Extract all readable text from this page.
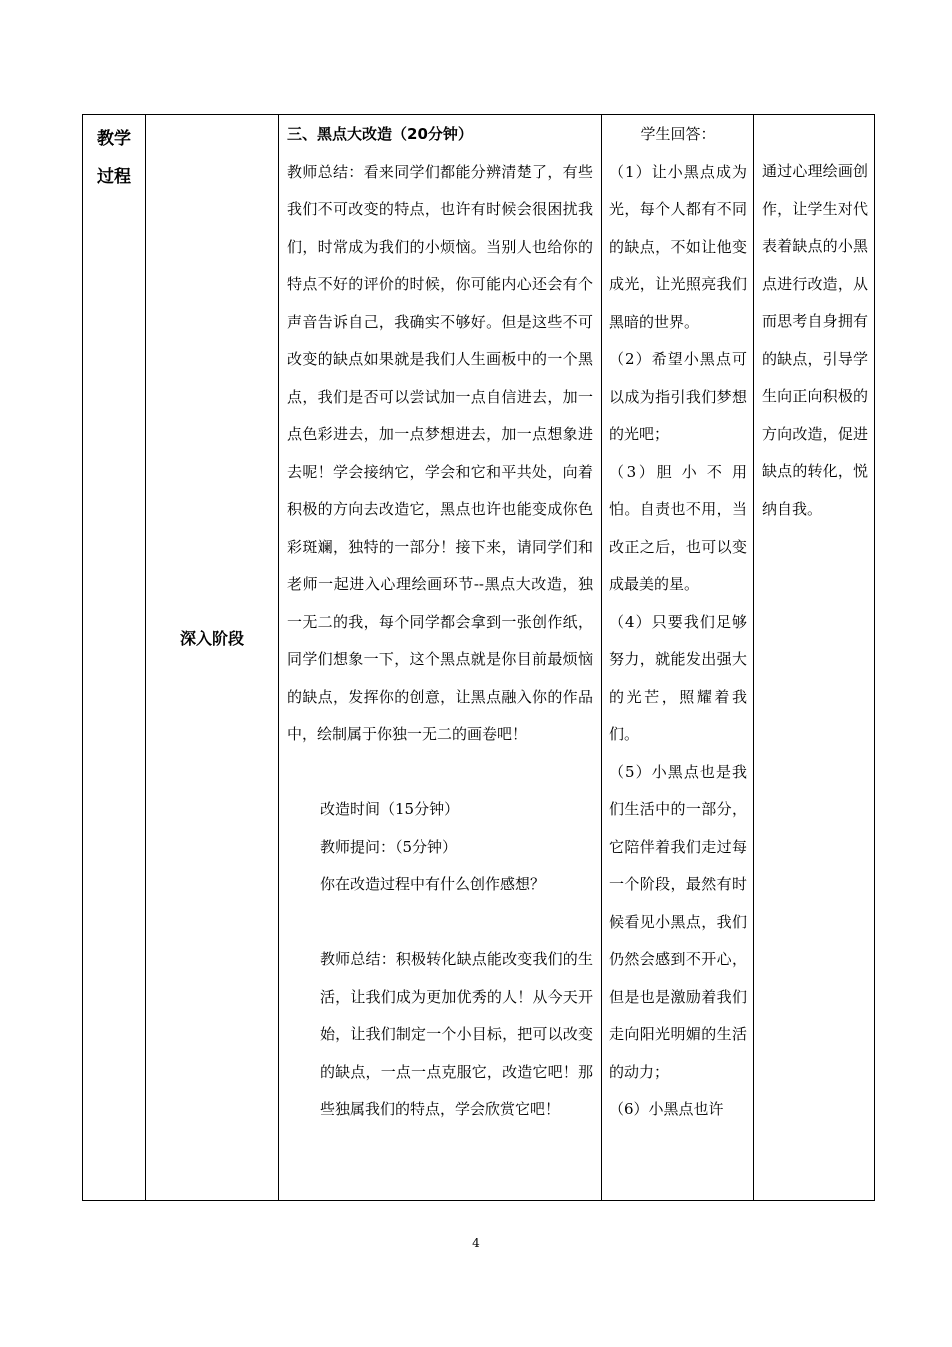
教学
过程
深入阶段
三、黑点大改造（20分钟）

教师总结：看来同学们都能分辨清楚了，有些我们不可改变的特点，也许有时候会很困扰我们，时常成为我们的小烦恼。当别人也给你的特点不好的评价的时候，你可能内心还会有个声音告诉自己，我确实不够好。但是这些不可改变的缺点如果就是我们人生画板中的一个黑点，我们是否可以尝试加一点自信进去，加一点色彩进去，加一点梦想进去，加一点想象进去呢！学会接纳它，学会和它和平共处，向着积极的方向去改造它，黑点也许也能变成你色彩斑斓，独特的一部分！接下来，请同学们和老师一起进入心理绘画环节--黑点大改造，独一无二的我，每个同学都会拿到一张创作纸，同学们想象一下，这个黑点就是你目前最烦恼的缺点，发挥你的创意，让黑点融入你的作品中，绘制属于你独一无二的画卷吧！

改造时间（15分钟）
教师提问：（5分钟）
你在改造过程中有什么创作感想？

教师总结：积极转化缺点能改变我们的生活，让我们成为更加优秀的人！从今天开始，让我们制定一个小目标，把可以改变的缺点，一点一点克服它，改造它吧！那些独属我们的特点，学会欣赏它吧！

学生回答：

（1）让小黑点成为光，每个人都有不同的缺点，不如让他变成光，让光照亮我们黑暗的世界。

（2）希望小黑点可以成为指引我们梦想的光吧；

（3）胆 小 不 用怕。自责也不用，当改正之后，也可以变成最美的星。

（4）只要我们足够努力，就能发出强大的光芒，照耀着我们。

（5）小黑点也是我们生活中的一部分，它陪伴着我们走过每一个阶段，最然有时候看见小黑点，我们仍然会感到不开心，但是也是激励着我们走向阳光明媚的生活的动力；

（6）小黑点也许

通过心理绘画创作，让学生对代表着缺点的小黑点进行改造，从而思考自身拥有的缺点，引导学生向正向积极的方向改造，促进缺点的转化，悦纳自我。
4
